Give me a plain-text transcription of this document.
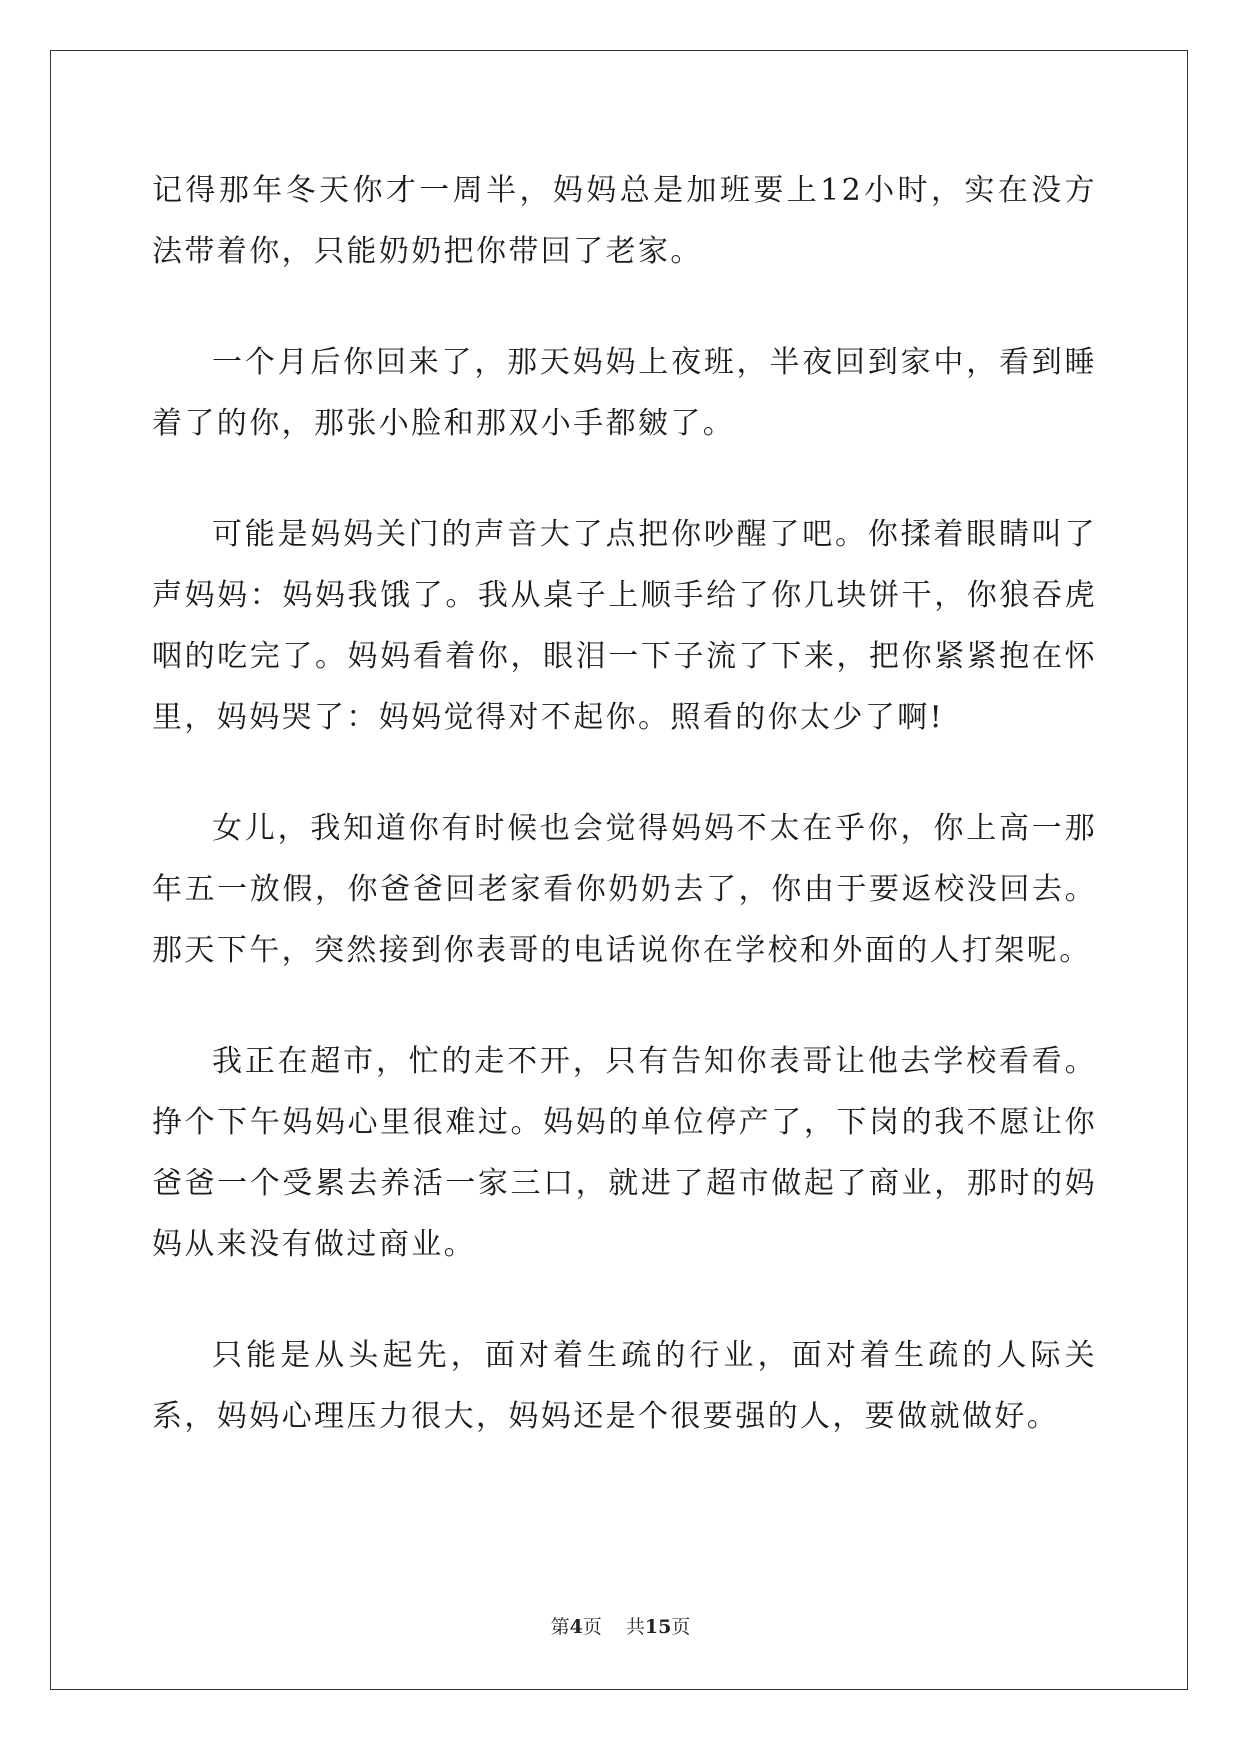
记得那年冬天你才一周半，妈妈总是加班要上12小时，实在没方法带着你，只能奶奶把你带回了老家。

一个月后你回来了，那天妈妈上夜班，半夜回到家中，看到睡着了的你，那张小脸和那双小手都皴了。

可能是妈妈关门的声音大了点把你吵醒了吧。你揉着眼睛叫了声妈妈：妈妈我饿了。我从桌子上顺手给了你几块饼干，你狼吞虎咽的吃完了。妈妈看着你，眼泪一下子流了下来，把你紧紧抱在怀里，妈妈哭了：妈妈觉得对不起你。照看的你太少了啊!

女儿，我知道你有时候也会觉得妈妈不太在乎你，你上高一那年五一放假，你爸爸回老家看你奶奶去了，你由于要返校没回去。那天下午，突然接到你表哥的电话说你在学校和外面的人打架呢。

我正在超市，忙的走不开，只有告知你表哥让他去学校看看。挣个下午妈妈心里很难过。妈妈的单位停产了，下岗的我不愿让你爸爸一个受累去养活一家三口，就进了超市做起了商业，那时的妈妈从来没有做过商业。

只能是从头起先，面对着生疏的行业，面对着生疏的人际关系，妈妈心理压力很大，妈妈还是个很要强的人，要做就做好。

第4页 共15页
